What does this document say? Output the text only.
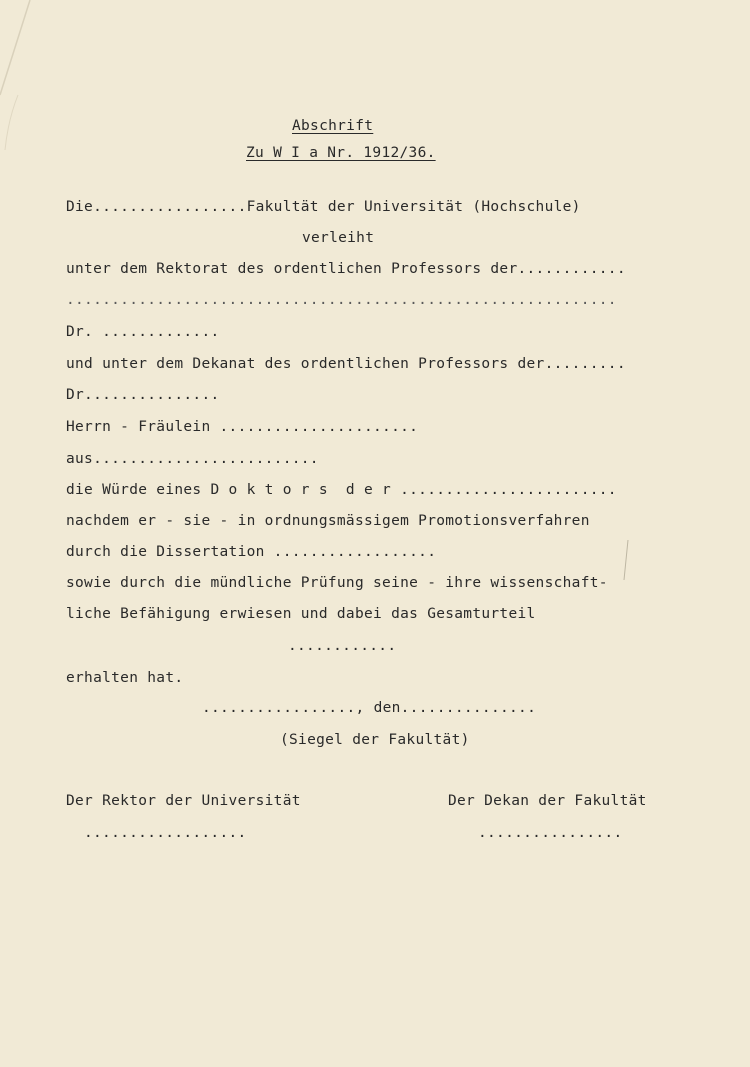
Abschrift
Zu W I a Nr. 1912/36.
Die.................Fakultät der Universität (Hochschule)
verleiht
unter dem Rektorat des ordentlichen Professors der............
.............................................................
Dr. .............
und unter dem Dekanat des ordentlichen Professors der.........
Dr...............
Herrn - Fräulein ......................
aus.........................
die Würde eines D o k t o r s  d e r ........................
nachdem er - sie - in ordnungsmässigem Promotionsverfahren
durch die Dissertation ..................
sowie durch die mündliche Prüfung seine - ihre wissenschaft-
liche Befähigung erwiesen und dabei das Gesamturteil
............
erhalten hat.
................., den...............
(Siegel der Fakultät)
Der Rektor der Universität	Der Dekan der Fakultät
..................	................
